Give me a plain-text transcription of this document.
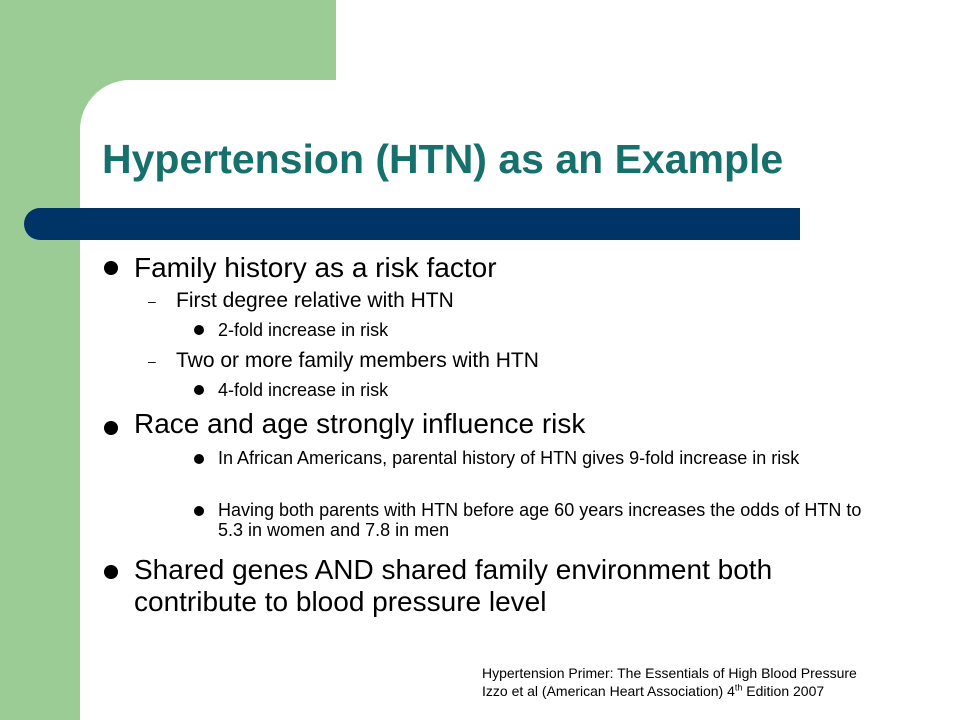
Hypertension (HTN) as an Example
Family history as a risk factor
– First degree relative with HTN
2-fold increase in risk
– Two or more family members with HTN
4-fold increase in risk
Race and age strongly influence risk
In African Americans, parental history of HTN gives 9-fold increase in risk
Having both parents with HTN before age 60 years increases the odds of HTN to 5.3 in women and 7.8 in men
Shared genes AND shared family environment both contribute to blood pressure level
Hypertension Primer: The Essentials of High Blood Pressure
Izzo et al (American Heart Association) 4th Edition 2007
